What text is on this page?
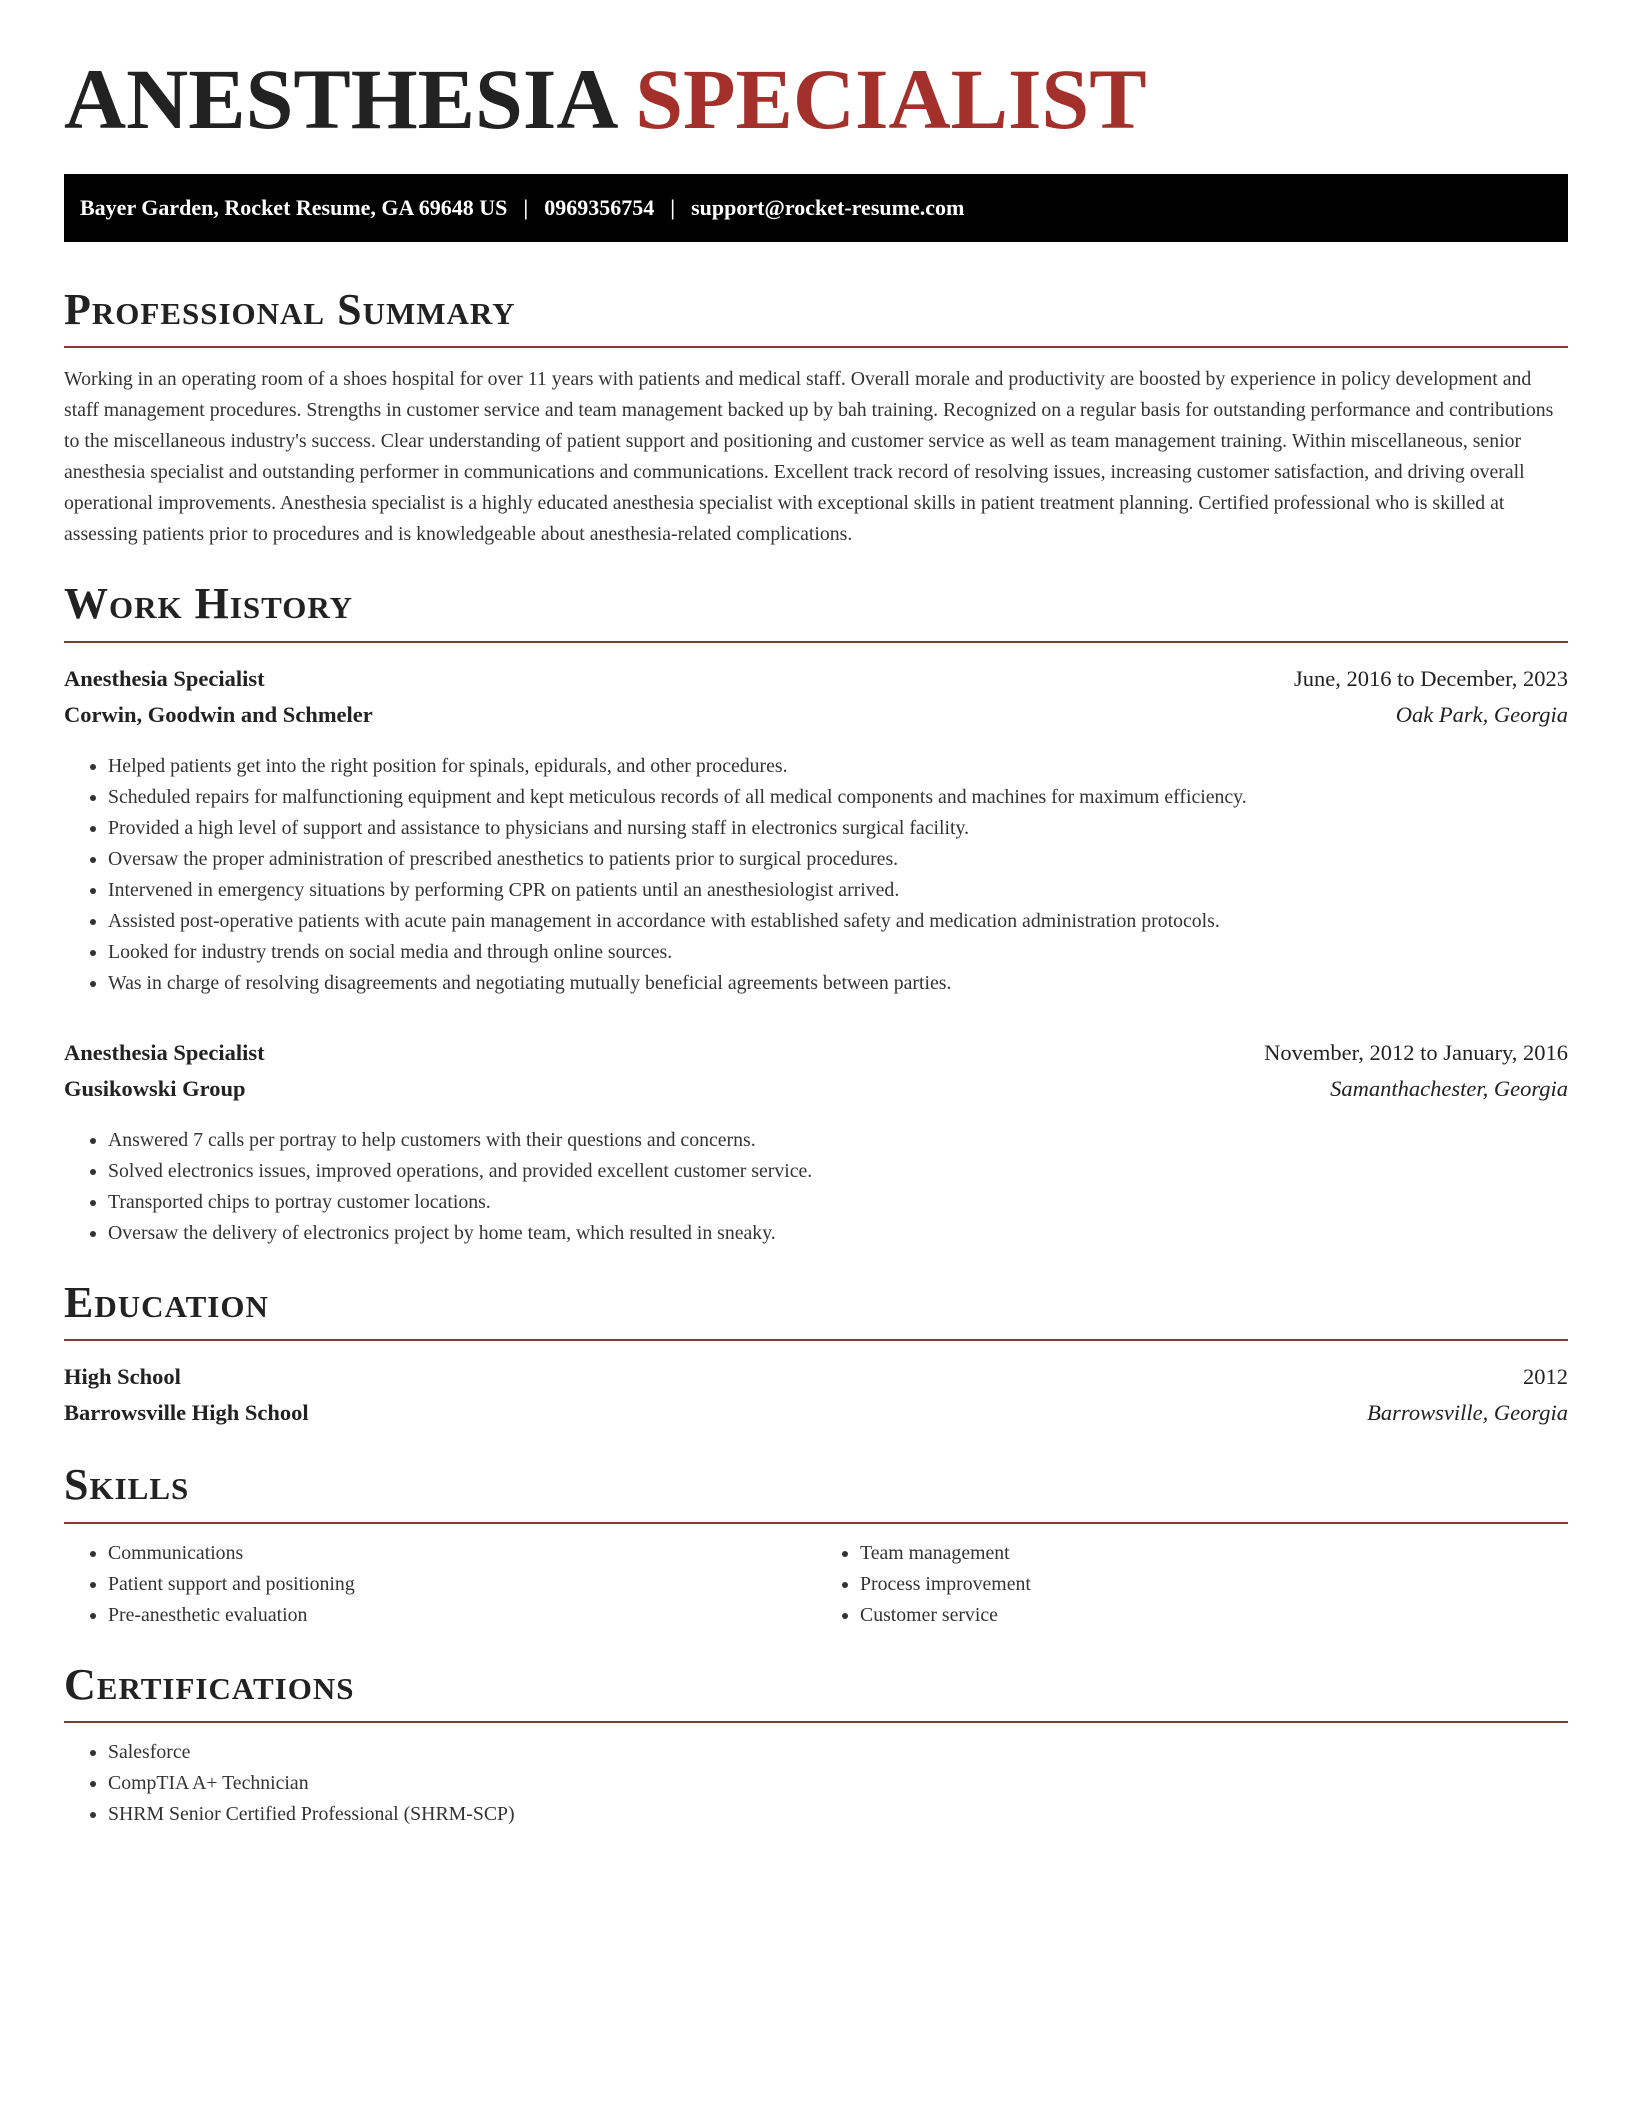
ANESTHESIA SPECIALIST
Bayer Garden, Rocket Resume, GA 69648 US | 0969356754 | support@rocket-resume.com
Professional Summary

Working in an operating room of a shoes hospital for over 11 years with patients and medical staff. Overall morale and productivity are boosted by experience in policy development and staff management procedures. Strengths in customer service and team management backed up by bah training. Recognized on a regular basis for outstanding performance and contributions to the miscellaneous industry's success. Clear understanding of patient support and positioning and customer service as well as team management training. Within miscellaneous, senior anesthesia specialist and outstanding performer in communications and communications. Excellent track record of resolving issues, increasing customer satisfaction, and driving overall operational improvements. Anesthesia specialist is a highly educated anesthesia specialist with exceptional skills in patient treatment planning. Certified professional who is skilled at assessing patients prior to procedures and is knowledgeable about anesthesia-related complications.

Work History
Anesthesia Specialist	June, 2016 to December, 2023
Corwin, Goodwin and Schmeler	Oak Park, Georgia
• Helped patients get into the right position for spinals, epidurals, and other procedures.
• Scheduled repairs for malfunctioning equipment and kept meticulous records of all medical components and machines for maximum efficiency.
• Provided a high level of support and assistance to physicians and nursing staff in electronics surgical facility.
• Oversaw the proper administration of prescribed anesthetics to patients prior to surgical procedures.
• Intervened in emergency situations by performing CPR on patients until an anesthesiologist arrived.
• Assisted post-operative patients with acute pain management in accordance with established safety and medication administration protocols.
• Looked for industry trends on social media and through online sources.
• Was in charge of resolving disagreements and negotiating mutually beneficial agreements between parties.
Anesthesia Specialist	November, 2012 to January, 2016
Gusikowski Group	Samanthachester, Georgia
• Answered 7 calls per portray to help customers with their questions and concerns.
• Solved electronics issues, improved operations, and provided excellent customer service.
• Transported chips to portray customer locations.
• Oversaw the delivery of electronics project by home team, which resulted in sneaky.
Education
High School	2012
Barrowsville High School	Barrowsville, Georgia
Skills
• Communications
• Patient support and positioning
• Pre-anesthetic evaluation
• Team management
• Process improvement
• Customer service
Certifications
• Salesforce
• CompTIA A+ Technician
• SHRM Senior Certified Professional (SHRM-SCP)
